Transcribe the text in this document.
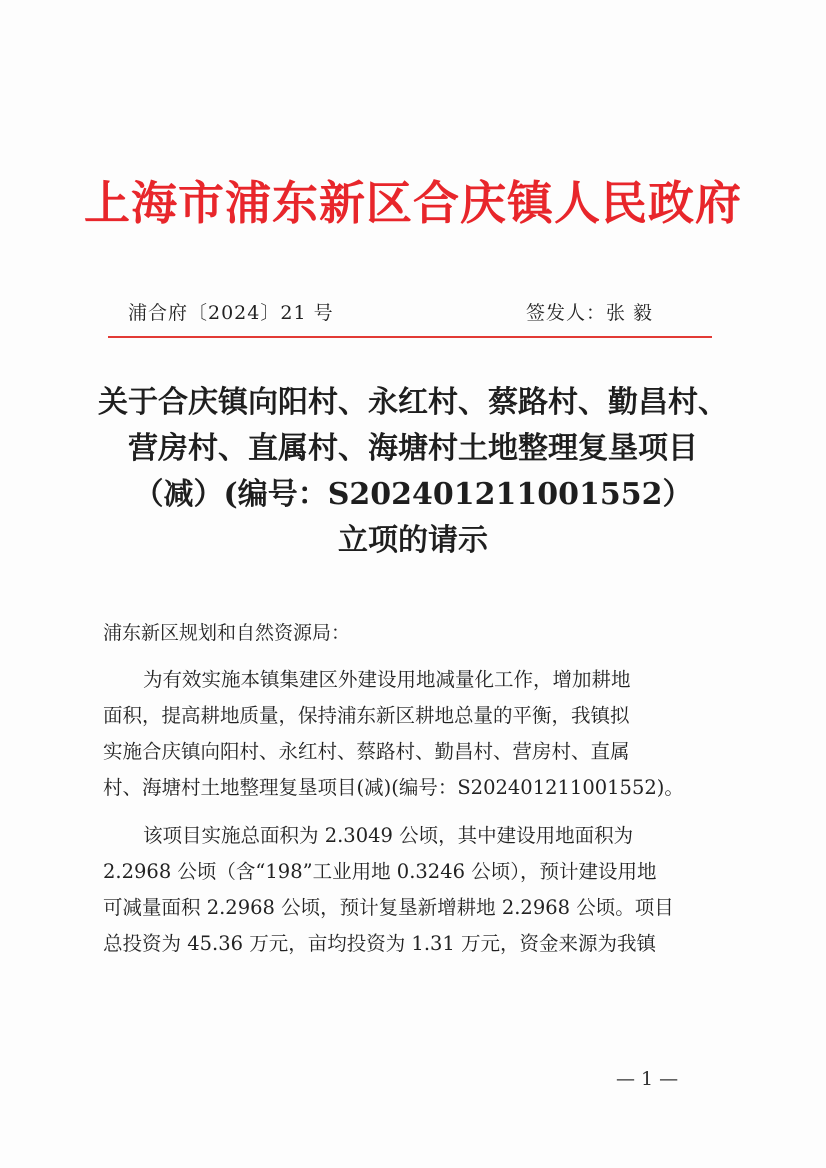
上海市浦东新区合庆镇人民政府
浦合府〔2024〕21 号	签发人：张 毅
关于合庆镇向阳村、永红村、蔡路村、勤昌村、
营房村、直属村、海塘村土地整理复垦项目
（减）(编号：S202401211001552）
立项的请示
浦东新区规划和自然资源局：
为有效实施本镇集建区外建设用地减量化工作，增加耕地
面积，提高耕地质量，保持浦东新区耕地总量的平衡，我镇拟
实施合庆镇向阳村、永红村、蔡路村、勤昌村、营房村、直属
村、海塘村土地整理复垦项目(减)(编号：S202401211001552)。
该项目实施总面积为 2.3049 公顷，其中建设用地面积为
2.2968 公顷（含“198”工业用地 0.3246 公顷），预计建设用地
可减量面积 2.2968 公顷，预计复垦新增耕地 2.2968 公顷。项目
总投资为 45.36 万元，亩均投资为 1.31 万元，资金来源为我镇
— 1 —
